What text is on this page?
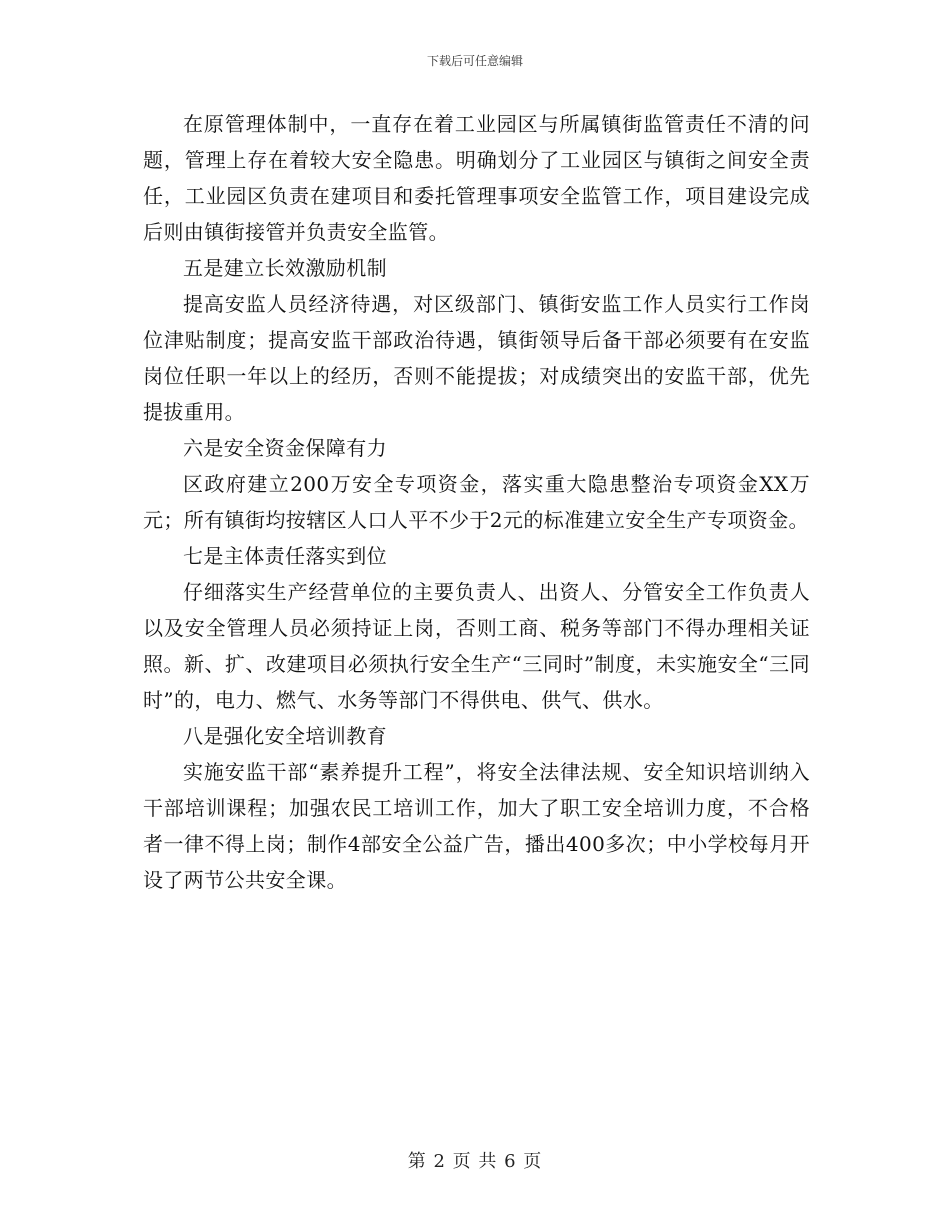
下载后可任意编辑

在原管理体制中，一直存在着工业园区与所属镇街监管责任不清的问题，管理上存在着较大安全隐患。明确划分了工业园区与镇街之间安全责任，工业园区负责在建项目和委托管理事项安全监管工作，项目建设完成后则由镇街接管并负责安全监管。

五是建立长效激励机制

提高安监人员经济待遇，对区级部门、镇街安监工作人员实行工作岗位津贴制度；提高安监干部政治待遇，镇街领导后备干部必须要有在安监岗位任职一年以上的经历，否则不能提拔；对成绩突出的安监干部，优先提拔重用。

六是安全资金保障有力

区政府建立200万安全专项资金，落实重大隐患整治专项资金XX万元；所有镇街均按辖区人口人平不少于2元的标准建立安全生产专项资金。

七是主体责任落实到位

仔细落实生产经营单位的主要负责人、出资人、分管安全工作负责人以及安全管理人员必须持证上岗，否则工商、税务等部门不得办理相关证照。新、扩、改建项目必须执行安全生产“三同时”制度，未实施安全“三同时”的，电力、燃气、水务等部门不得供电、供气、供水。

八是强化安全培训教育

实施安监干部“素养提升工程”，将安全法律法规、安全知识培训纳入干部培训课程；加强农民工培训工作，加大了职工安全培训力度，不合格者一律不得上岗；制作4部安全公益广告，播出400多次；中小学校每月开设了两节公共安全课。

第 2 页 共 6 页
